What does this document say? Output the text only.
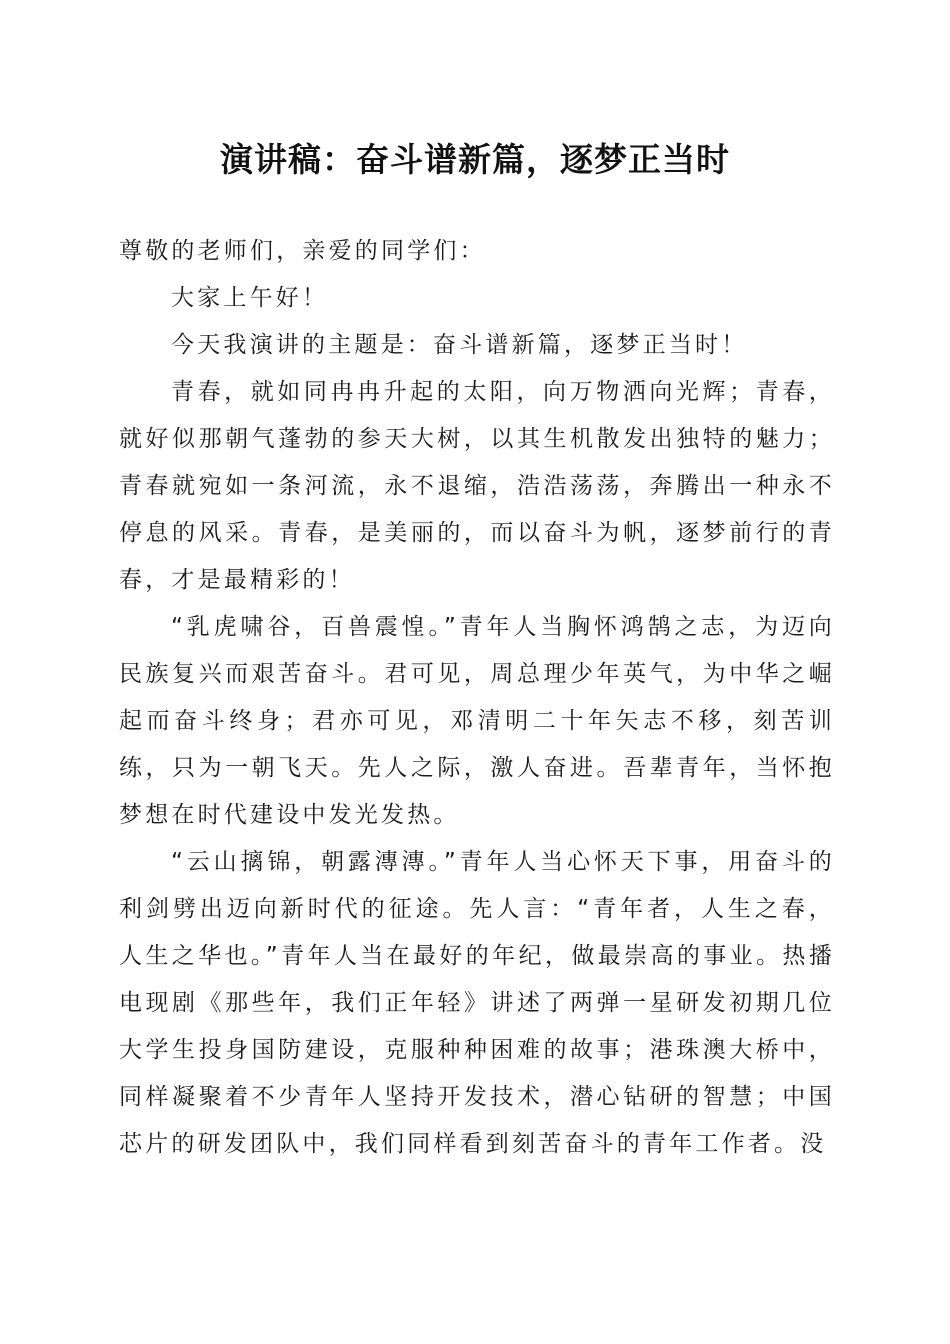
演讲稿：奋斗谱新篇，逐梦正当时

尊敬的老师们，亲爱的同学们：

大家上午好！

今天我演讲的主题是：奋斗谱新篇，逐梦正当时！

青春，就如同冉冉升起的太阳，向万物洒向光辉；青春，就好似那朝气蓬勃的参天大树，以其生机散发出独特的魅力；青春就宛如一条河流，永不退缩，浩浩荡荡，奔腾出一种永不停息的风采。青春，是美丽的，而以奋斗为帆，逐梦前行的青春，才是最精彩的！

“乳虎啸谷，百兽震惶。”青年人当胸怀鸿鹄之志，为迈向民族复兴而艰苦奋斗。君可见，周总理少年英气，为中华之崛起而奋斗终身；君亦可见，邓清明二十年矢志不移，刻苦训练，只为一朝飞天。先人之际，激人奋进。吾辈青年，当怀抱梦想在时代建设中发光发热。

“云山摛锦，朝露漙漙。”青年人当心怀天下事，用奋斗的利剑劈出迈向新时代的征途。先人言：“青年者，人生之春，人生之华也。”青年人当在最好的年纪，做最崇高的事业。热播电现剧《那些年，我们正年轻》讲述了两弹一星研发初期几位大学生投身国防建设，克服种种困难的故事；港珠澳大桥中，同样凝聚着不少青年人坚持开发技术，潜心钻研的智慧；中国芯片的研发团队中，我们同样看到刻苦奋斗的青年工作者。没
